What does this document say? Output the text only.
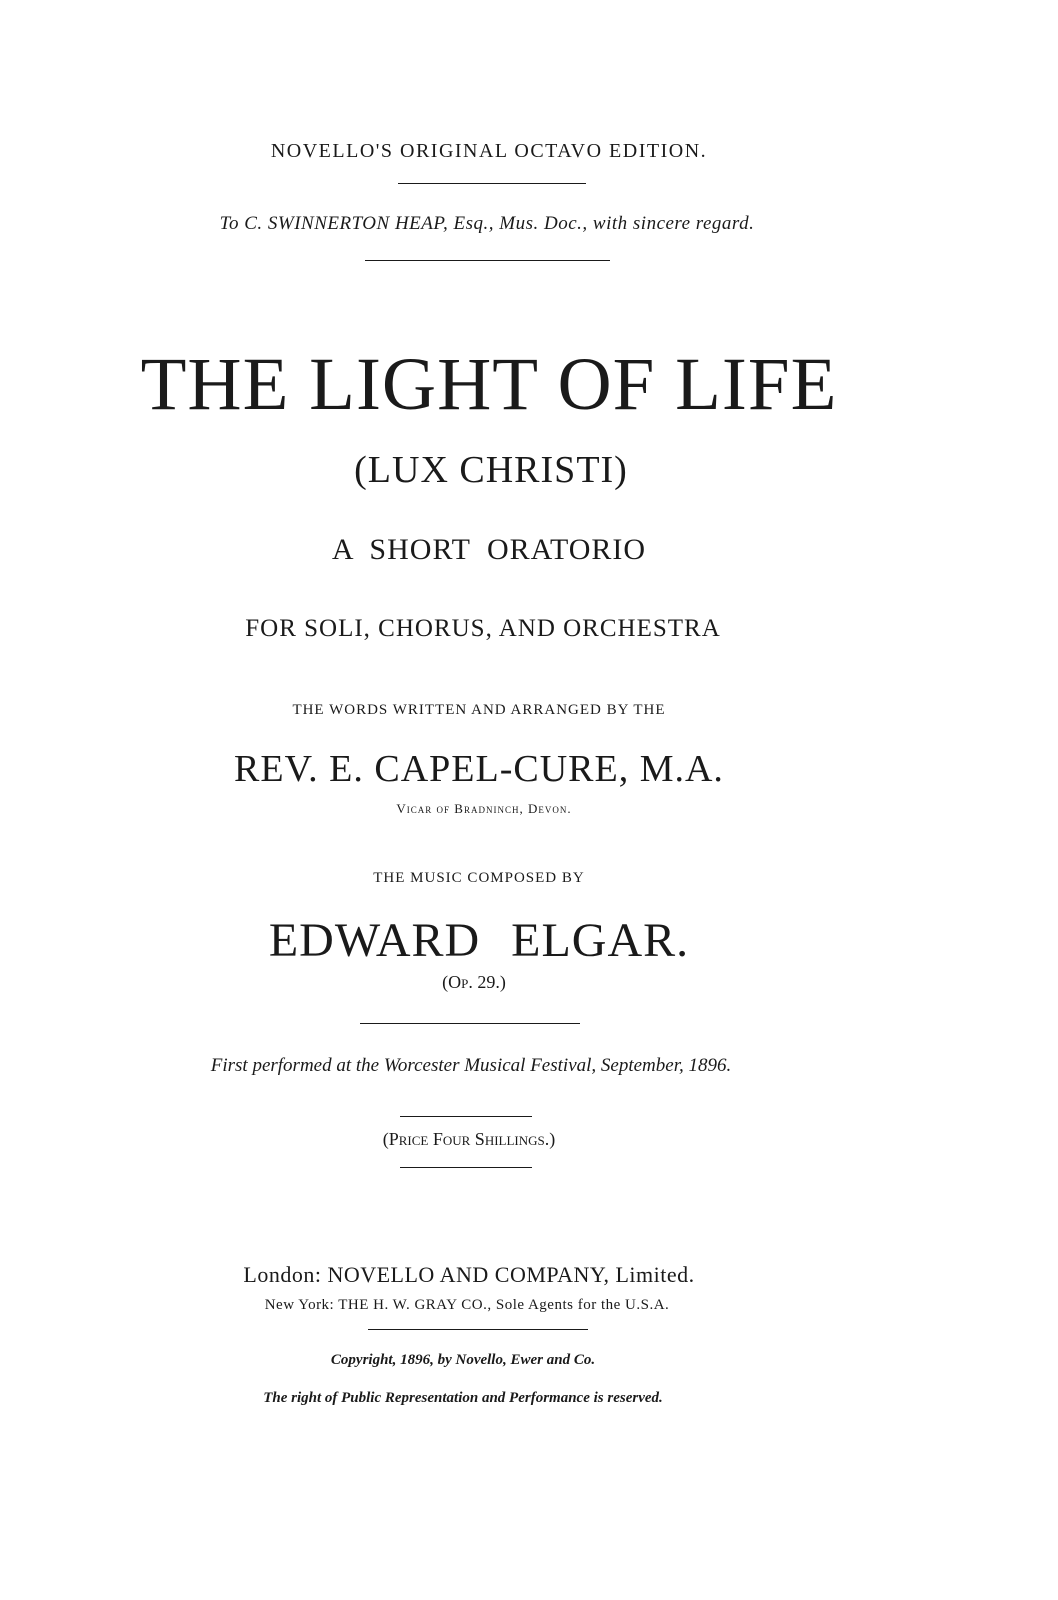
NOVELLO'S ORIGINAL OCTAVO EDITION.
To C. SWINNERTON HEAP, Esq., Mus. Doc., with sincere regard.
THE LIGHT OF LIFE
(LUX CHRISTI)
A SHORT ORATORIO
FOR SOLI, CHORUS, AND ORCHESTRA
THE WORDS WRITTEN AND ARRANGED BY THE
REV. E. CAPEL-CURE, M.A.
Vicar of Bradninch, Devon.
THE MUSIC COMPOSED BY
EDWARD ELGAR.
(Op. 29.)
First performed at the Worcester Musical Festival, September, 1896.
(Price Four Shillings.)
London: NOVELLO AND COMPANY, Limited.
New York: THE H. W. GRAY CO., Sole Agents for the U.S.A.
Copyright, 1896, by Novello, Ewer and Co.
The right of Public Representation and Performance is reserved.
